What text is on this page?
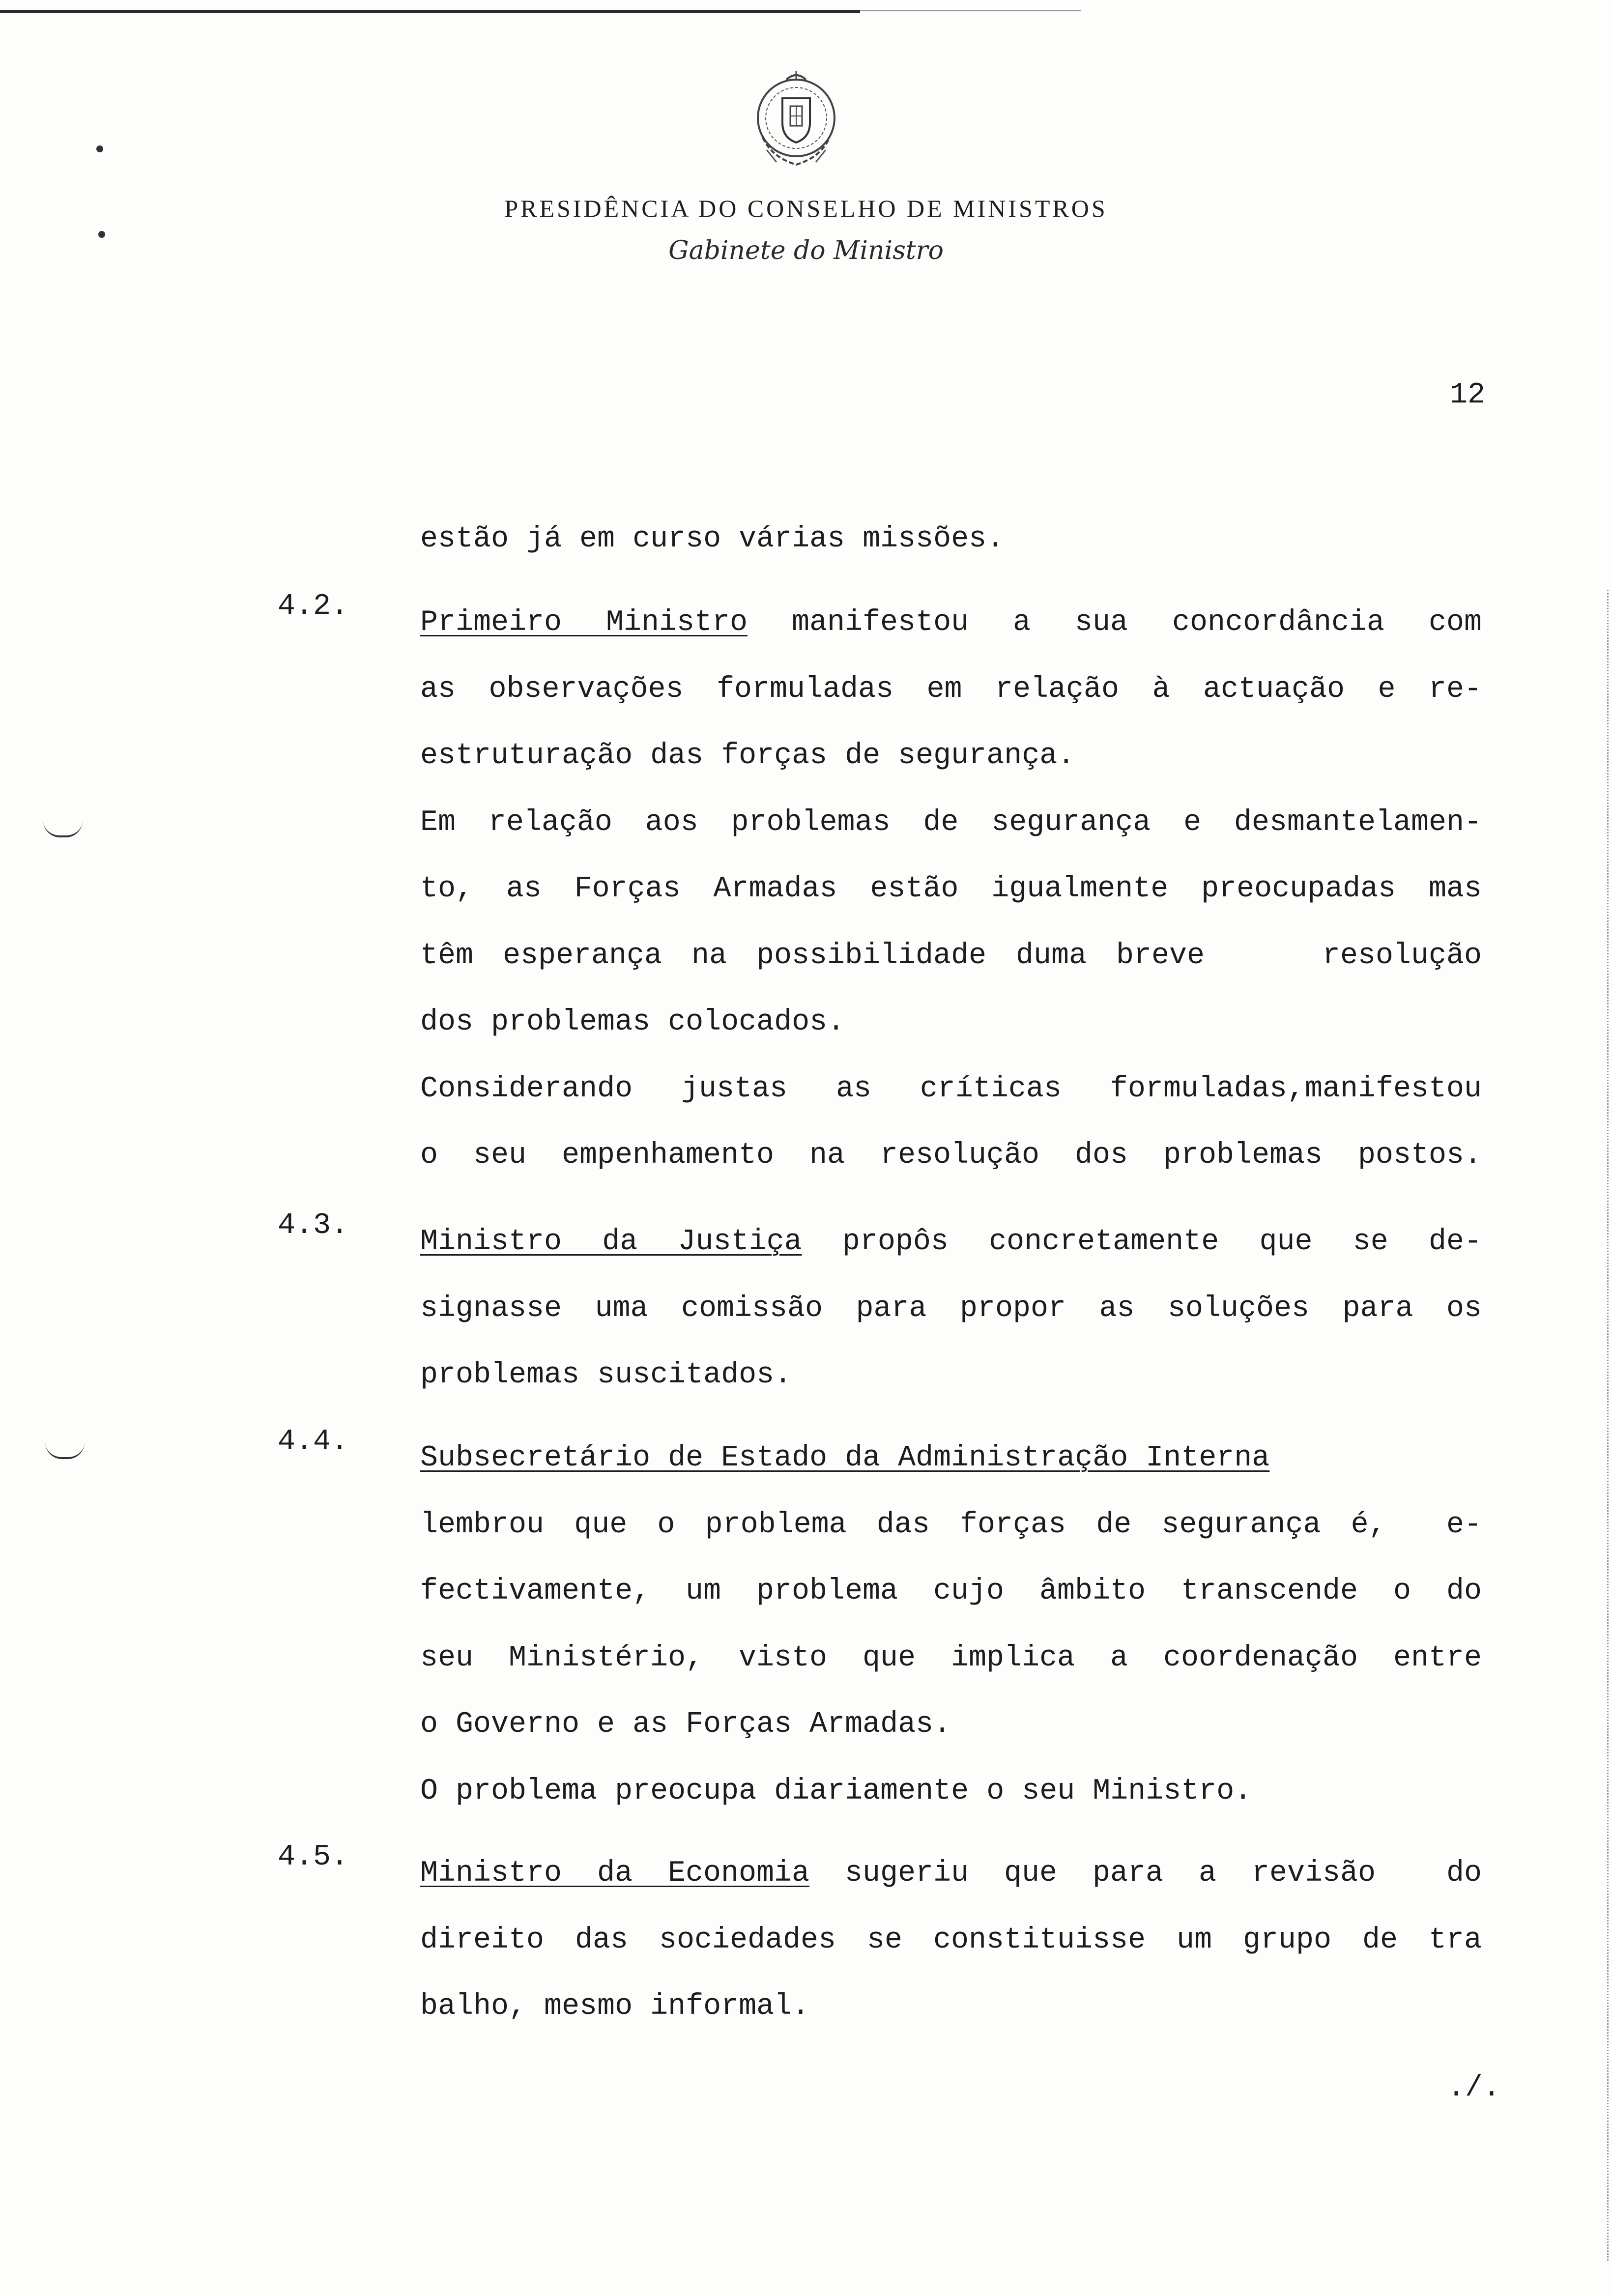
PRESIDÊNCIA DO CONSELHO DE MINISTROS
Gabinete do Ministro
12
estão já em curso várias missões.
4.2. Primeiro Ministro manifestou a sua concordância com
as observações formuladas em relação à actuação e re-
estruturação das forças de segurança.
Em relação aos problemas de segurança e desmantelamen-
to, as Forças Armadas estão igualmente preocupadas mas
têm esperança na possibilidade duma breve    resolução
dos problemas colocados.
Considerando justas as críticas formuladas,manifestou
o seu empenhamento na resolução dos problemas postos.
4.3. Ministro da Justiça propôs concretamente que se de-
signasse uma comissão para propor as soluções para os
problemas suscitados.
4.4. Subsecretário de Estado da Administração Interna
lembrou que o problema das forças de segurança é,  e-
fectivamente, um problema cujo âmbito transcende o do
seu Ministério, visto que implica a coordenação entre
o Governo e as Forças Armadas.
O problema preocupa diariamente o seu Ministro.
4.5. Ministro da Economia sugeriu que para a revisão  do
direito das sociedades se constituisse um grupo de tra
balho, mesmo informal.
./.
